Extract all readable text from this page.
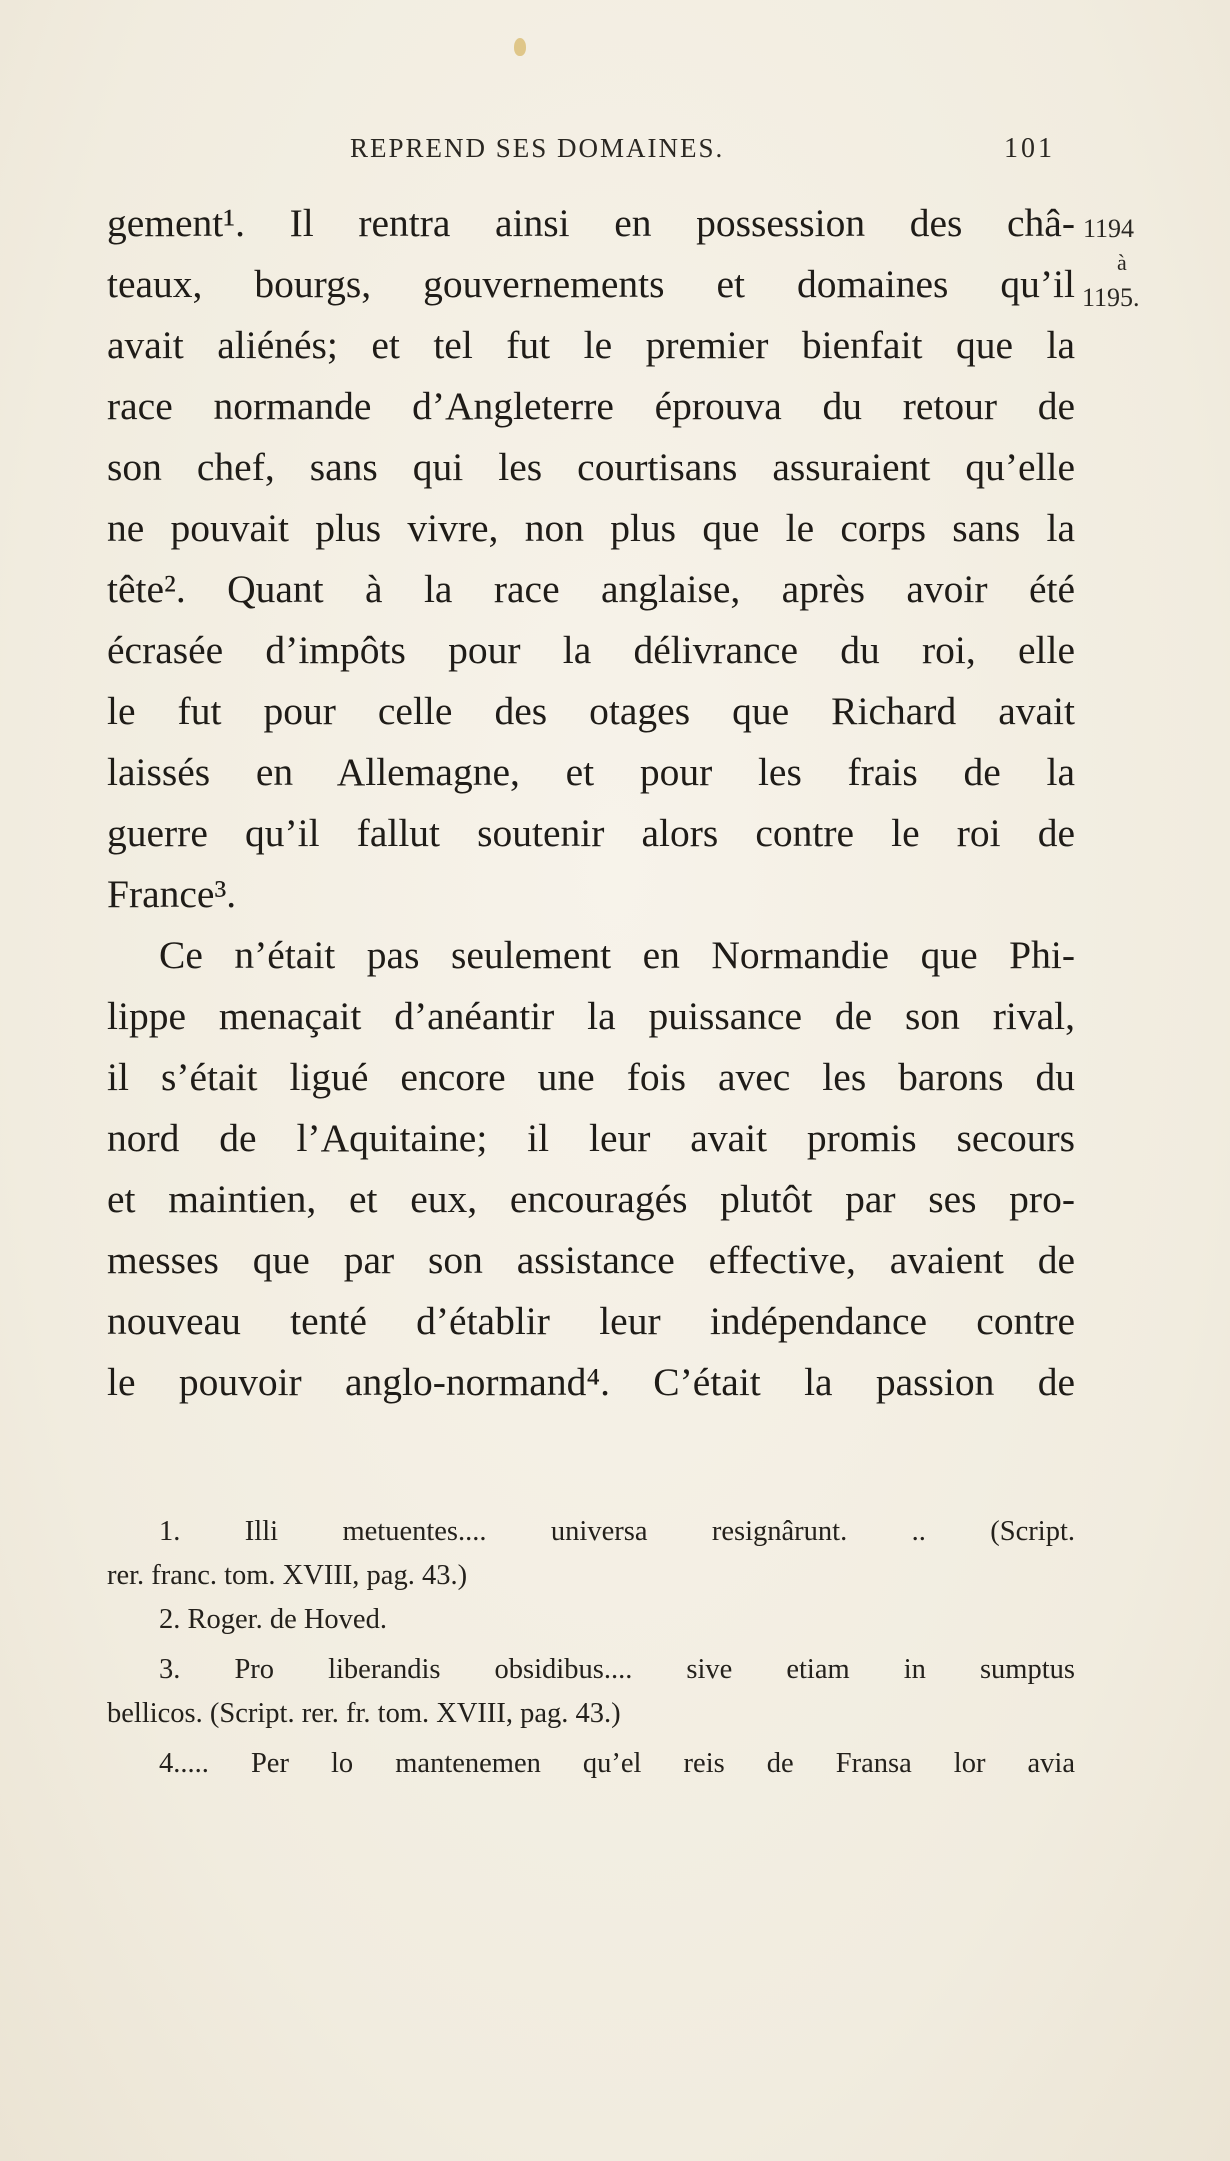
REPREND SES DOMAINES.	101
1194
à
1195.
gement¹. Il rentra ainsi en possession des châ-
teaux, bourgs, gouvernements et domaines qu’il
avait aliénés; et tel fut le premier bienfait que la
race normande d’Angleterre éprouva du retour de
son chef, sans qui les courtisans assuraient qu’elle
ne pouvait plus vivre, non plus que le corps sans la
tête². Quant à la race anglaise, après avoir été
écrasée d’impôts pour la délivrance du roi, elle
le fut pour celle des otages que Richard avait
laissés en Allemagne, et pour les frais de la
guerre qu’il fallut soutenir alors contre le roi de
France³.
Ce n’était pas seulement en Normandie que Phi-
lippe menaçait d’anéantir la puissance de son rival,
il s’était ligué encore une fois avec les barons du
nord de l’Aquitaine; il leur avait promis secours
et maintien, et eux, encouragés plutôt par ses pro-
messes que par son assistance effective, avaient de
nouveau tenté d’établir leur indépendance contre
le pouvoir anglo-normand⁴. C’était la passion de
1. Illi metuentes.... universa resignârunt. .. (Script.
rer. franc. tom. XVIII, pag. 43.)
2. Roger. de Hoved.
3. Pro liberandis obsidibus.... sive etiam in sumptus
bellicos. (Script. rer. fr. tom. XVIII, pag. 43.)
4..... Per lo mantenemen qu’el reis de Fransa lor avia
